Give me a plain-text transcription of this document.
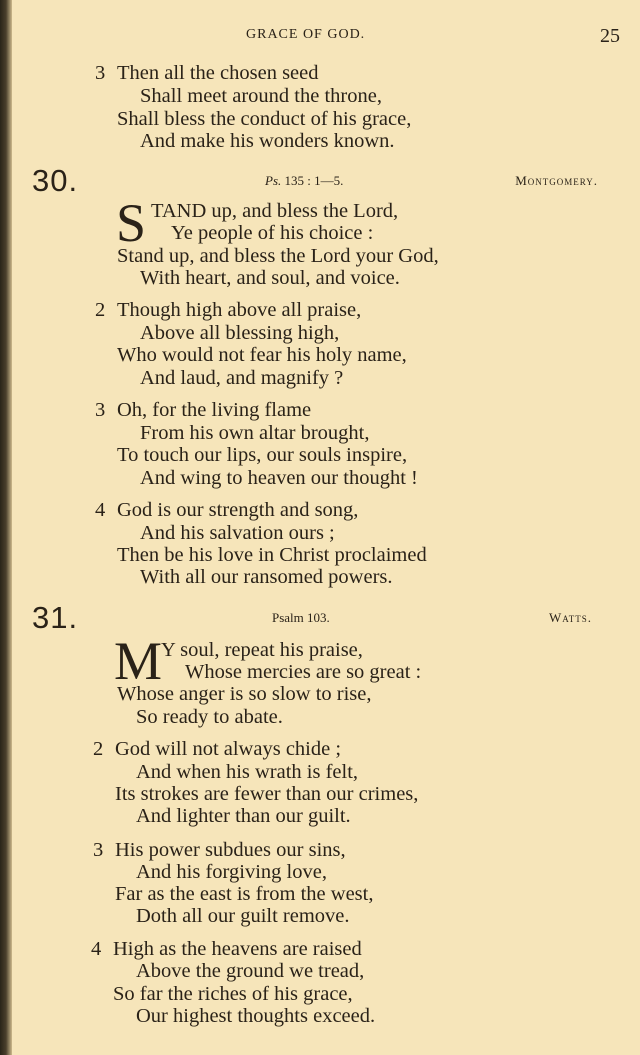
GRACE OF GOD.	25
3 Then all the chosen seed
Shall meet around the throne,
Shall bless the conduct of his grace,
And make his wonders known.
30.	Ps. 135 : 1—5.	Montgomery.
S TAND up, and bless the Lord,
Ye people of his choice :
Stand up, and bless the Lord your God,
With heart, and soul, and voice.
2 Though high above all praise,
Above all blessing high,
Who would not fear his holy name,
And laud, and magnify ?
3 Oh, for the living flame
From his own altar brought,
To touch our lips, our souls inspire,
And wing to heaven our thought !
4 God is our strength and song,
And his salvation ours ;
Then be his love in Christ proclaimed
With all our ransomed powers.
31.	Psalm 103.	Watts.
M
Y soul, repeat his praise,
Whose mercies are so great :
Whose anger is so slow to rise,
So ready to abate.
2 God will not always chide ;
And when his wrath is felt,
Its strokes are fewer than our crimes,
And lighter than our guilt.
3 His power subdues our sins,
And his forgiving love,
Far as the east is from the west,
Doth all our guilt remove.
4 High as the heavens are raised
Above the ground we tread,
So far the riches of his grace,
Our highest thoughts exceed.
